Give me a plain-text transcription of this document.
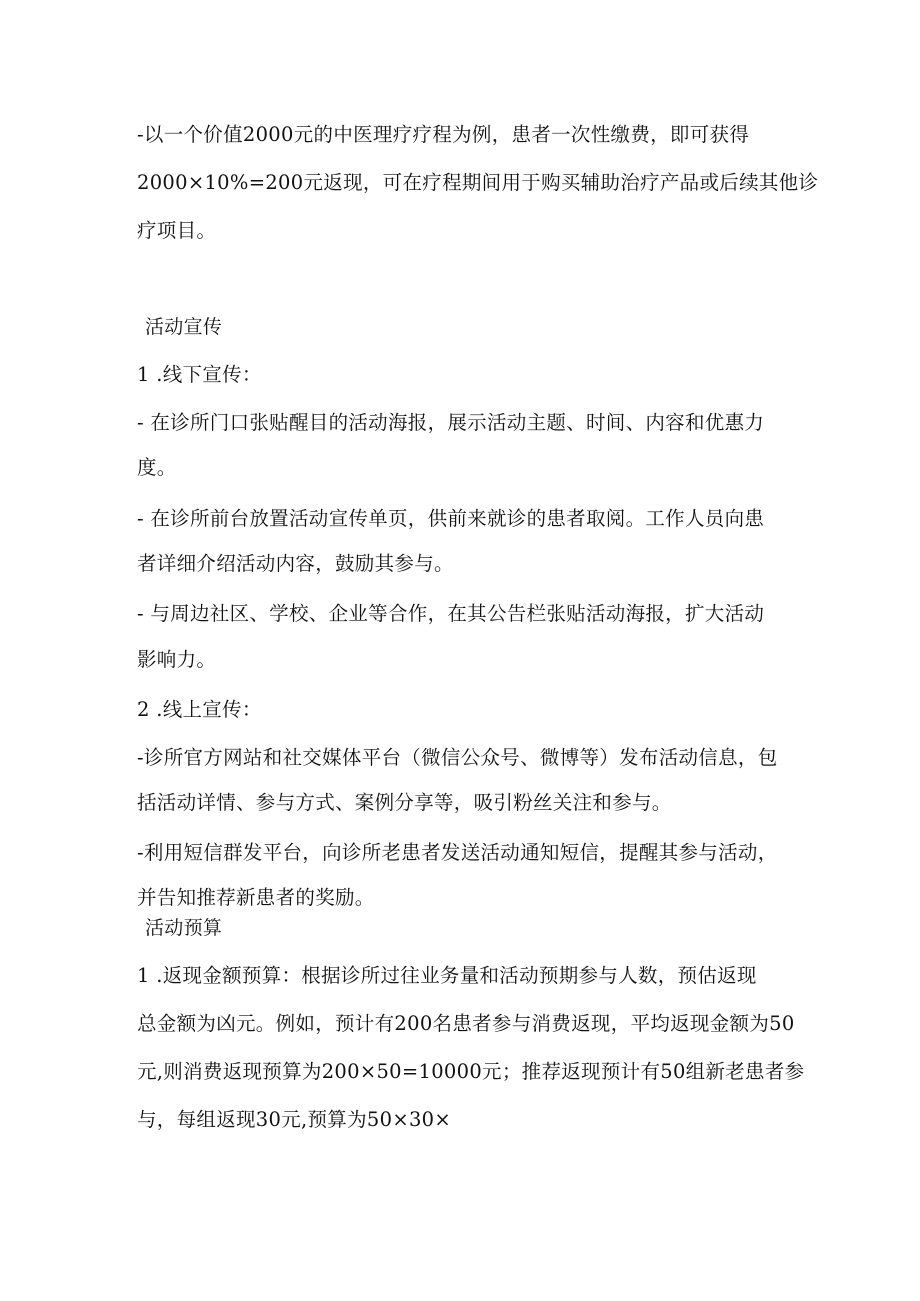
-以一个价值2000元的中医理疗疗程为例，患者一次性缴费，即可获得
2000×10%=200元返现，可在疗程期间用于购买辅助治疗产品或后续其他诊
疗项目。
活动宣传
1 .线下宣传：
- 在诊所门口张贴醒目的活动海报，展示活动主题、时间、内容和优惠力
度。
- 在诊所前台放置活动宣传单页，供前来就诊的患者取阅。工作人员向患
者详细介绍活动内容，鼓励其参与。
- 与周边社区、学校、企业等合作，在其公告栏张贴活动海报，扩大活动
影响力。
2 .线上宣传：
-诊所官方网站和社交媒体平台（微信公众号、微博等）发布活动信息，包
括活动详情、参与方式、案例分享等，吸引粉丝关注和参与。
-利用短信群发平台，向诊所老患者发送活动通知短信，提醒其参与活动，
并告知推荐新患者的奖励。
活动预算
1 .返现金额预算：根据诊所过往业务量和活动预期参与人数，预估返现
总金额为凶元。例如，预计有200名患者参与消费返现，平均返现金额为50
元,则消费返现预算为200×50=10000元；推荐返现预计有50组新老患者参
与，每组返现30元,预算为50×30×
